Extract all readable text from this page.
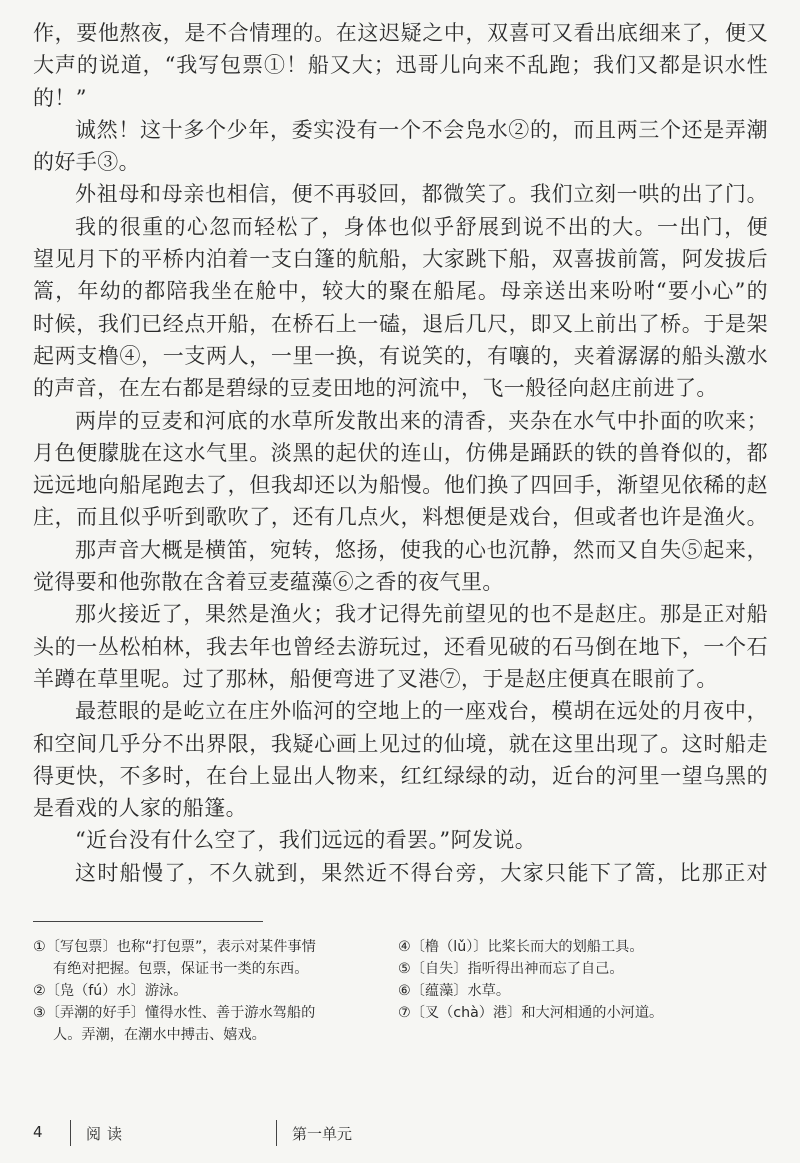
作，要他熬夜，是不合情理的。在这迟疑之中，双喜可又看出底细来了，便又
大声的说道，“我写包票①！船又大；迅哥儿向来不乱跑；我们又都是识水性
的！”
诚然！这十多个少年，委实没有一个不会凫水②的，而且两三个还是弄潮
的好手③。
外祖母和母亲也相信，便不再驳回，都微笑了。我们立刻一哄的出了门。
我的很重的心忽而轻松了，身体也似乎舒展到说不出的大。一出门，便
望见月下的平桥内泊着一支白篷的航船，大家跳下船，双喜拔前篙，阿发拔后
篙，年幼的都陪我坐在舱中，较大的聚在船尾。母亲送出来吩咐“要小心”的
时候，我们已经点开船，在桥石上一磕，退后几尺，即又上前出了桥。于是架
起两支橹④，一支两人，一里一换，有说笑的，有嚷的，夹着潺潺的船头激水
的声音，在左右都是碧绿的豆麦田地的河流中，飞一般径向赵庄前进了。
两岸的豆麦和河底的水草所发散出来的清香，夹杂在水气中扑面的吹来；
月色便朦胧在这水气里。淡黑的起伏的连山，仿佛是踊跃的铁的兽脊似的，都
远远地向船尾跑去了，但我却还以为船慢。他们换了四回手，渐望见依稀的赵
庄，而且似乎听到歌吹了，还有几点火，料想便是戏台，但或者也许是渔火。
那声音大概是横笛，宛转，悠扬，使我的心也沉静，然而又自失⑤起来，
觉得要和他弥散在含着豆麦蕴藻⑥之香的夜气里。
那火接近了，果然是渔火；我才记得先前望见的也不是赵庄。那是正对船
头的一丛松柏林，我去年也曾经去游玩过，还看见破的石马倒在地下，一个石
羊蹲在草里呢。过了那林，船便弯进了叉港⑦，于是赵庄便真在眼前了。
最惹眼的是屹立在庄外临河的空地上的一座戏台，模胡在远处的月夜中，
和空间几乎分不出界限，我疑心画上见过的仙境，就在这里出现了。这时船走
得更快，不多时，在台上显出人物来，红红绿绿的动，近台的河里一望乌黑的
是看戏的人家的船篷。
“近台没有什么空了，我们远远的看罢。”阿发说。
这时船慢了，不久就到，果然近不得台旁，大家只能下了篙，比那正对
①〔写包票〕也称“打包票”，表示对某件事情
有绝对把握。包票，保证书一类的东西。
②〔凫（fú）水〕游泳。
③〔弄潮的好手〕懂得水性、善于游水驾船的
人。弄潮，在潮水中搏击、嬉戏。
④〔橹（lǔ）〕比桨长而大的划船工具。
⑤〔自失〕指听得出神而忘了自己。
⑥〔蕴藻〕水草。
⑦〔叉（chà）港〕和大河相通的小河道。
4	阅读	第一单元
